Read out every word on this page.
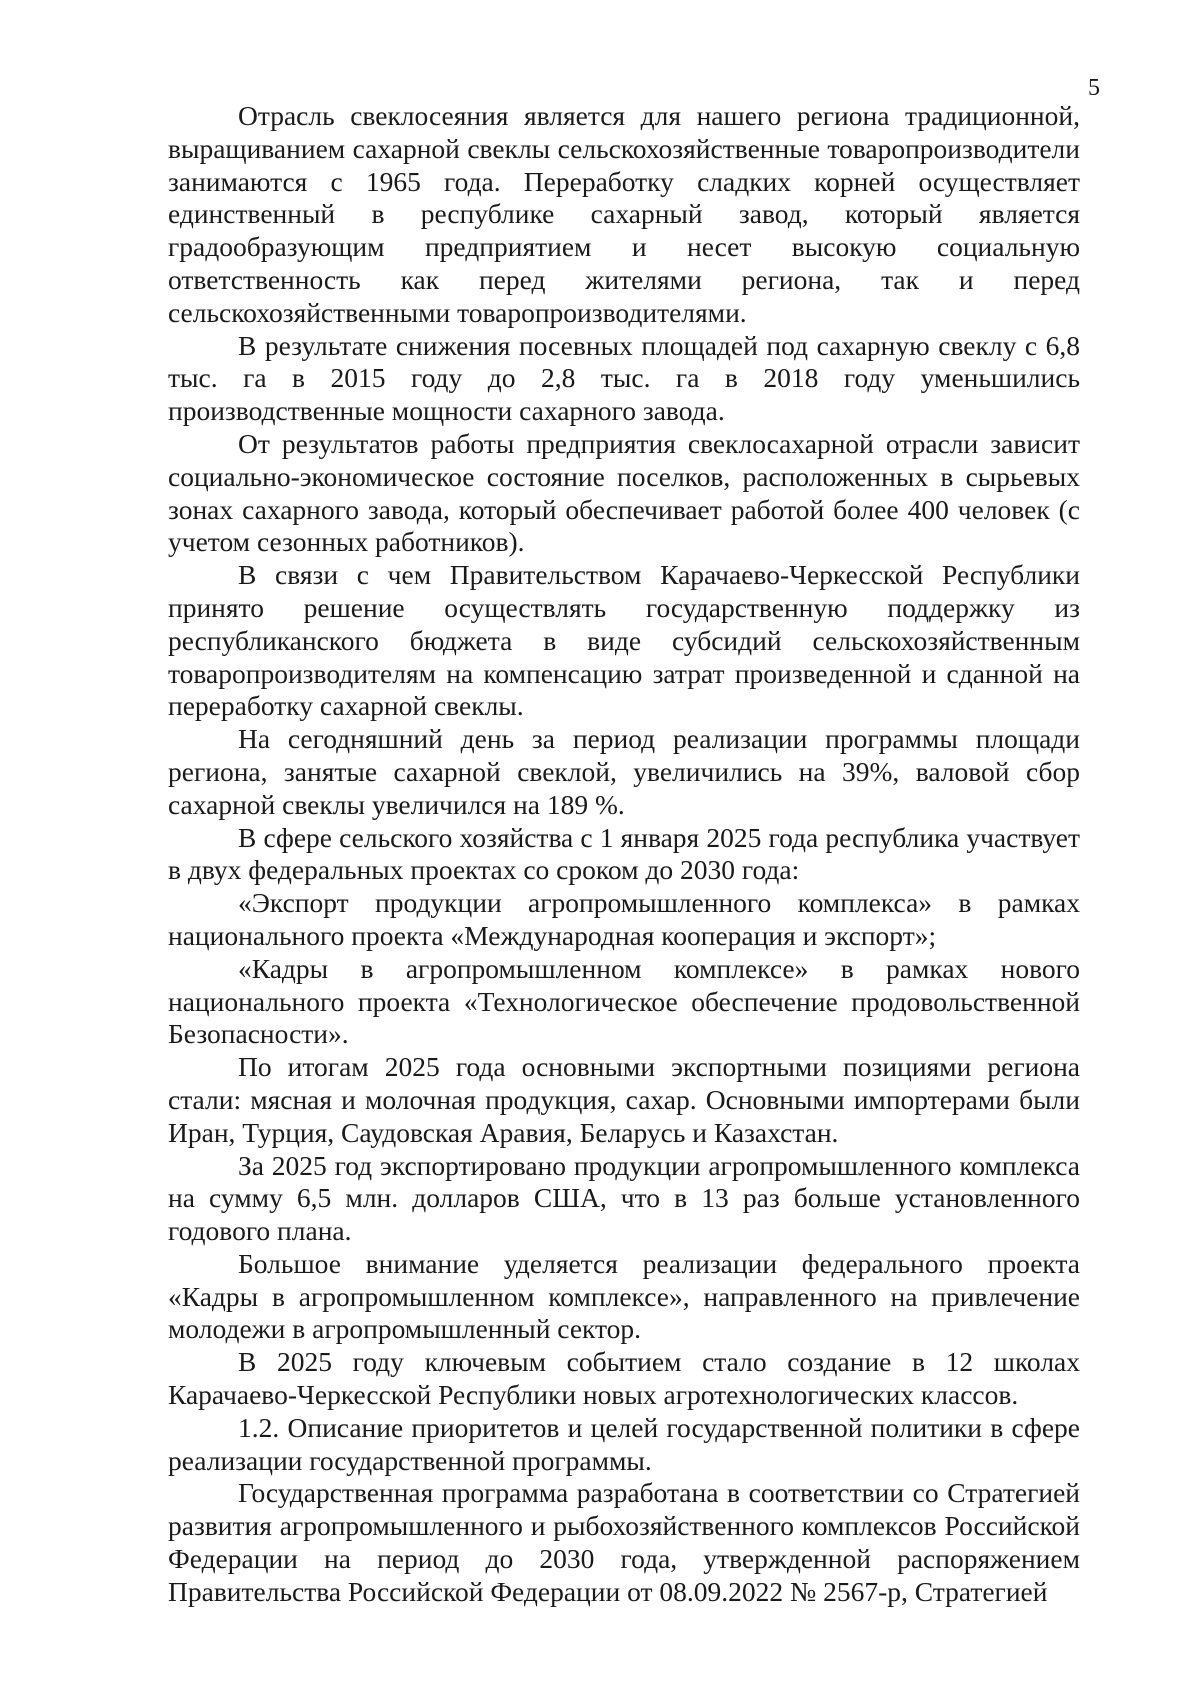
5

Отрасль свеклосеяния является для нашего региона традиционной, выращиванием сахарной свеклы сельскохозяйственные товаропроизводители занимаются с 1965 года. Переработку сладких корней осуществляет единственный в республике сахарный завод, который является градообразующим предприятием и несет высокую социальную ответственность как перед жителями региона, так и перед сельскохозяйственными товаропроизводителями.

В результате снижения посевных площадей под сахарную свеклу с 6,8 тыс. га в 2015 году до 2,8 тыс. га в 2018 году уменьшились производственные мощности сахарного завода.

От результатов работы предприятия свеклосахарной отрасли зависит социально-экономическое состояние поселков, расположенных в сырьевых зонах сахарного завода, который обеспечивает работой более 400 человек (с учетом сезонных работников).

В связи с чем Правительством Карачаево-Черкесской Республики принято решение осуществлять государственную поддержку из республиканского бюджета в виде субсидий сельскохозяйственным товаропроизводителям на компенсацию затрат произведенной и сданной на переработку сахарной свеклы.

На сегодняшний день за период реализации программы площади региона, занятые сахарной свеклой, увеличились на 39%, валовой сбор сахарной свеклы увеличился на 189 %.

В сфере сельского хозяйства с 1 января 2025 года республика участвует в двух федеральных проектах со сроком до 2030 года:

«Экспорт продукции агропромышленного комплекса» в рамках национального проекта «Международная кооперация и экспорт»;

«Кадры в агропромышленном комплексе» в рамках нового национального проекта «Технологическое обеспечение продовольственной Безопасности».

По итогам 2025 года основными экспортными позициями региона стали: мясная и молочная продукция, сахар. Основными импортерами были Иран, Турция, Саудовская Аравия, Беларусь и Казахстан.

За 2025 год экспортировано продукции агропромышленного комплекса на сумму 6,5 млн. долларов США, что в 13 раз больше установленного годового плана.

Большое внимание уделяется реализации федерального проекта «Кадры в агропромышленном комплексе», направленного на привлечение молодежи в агропромышленный сектор.

В 2025 году ключевым событием стало создание в 12 школах Карачаево-Черкесской Республики новых агротехнологических классов.

1.2. Описание приоритетов и целей государственной политики в сфере реализации государственной программы.

Государственная программа разработана в соответствии со Стратегией развития агропромышленного и рыбохозяйственного комплексов Российской Федерации на период до 2030 года, утвержденной распоряжением Правительства Российской Федерации от 08.09.2022 № 2567-р, Стратегией
